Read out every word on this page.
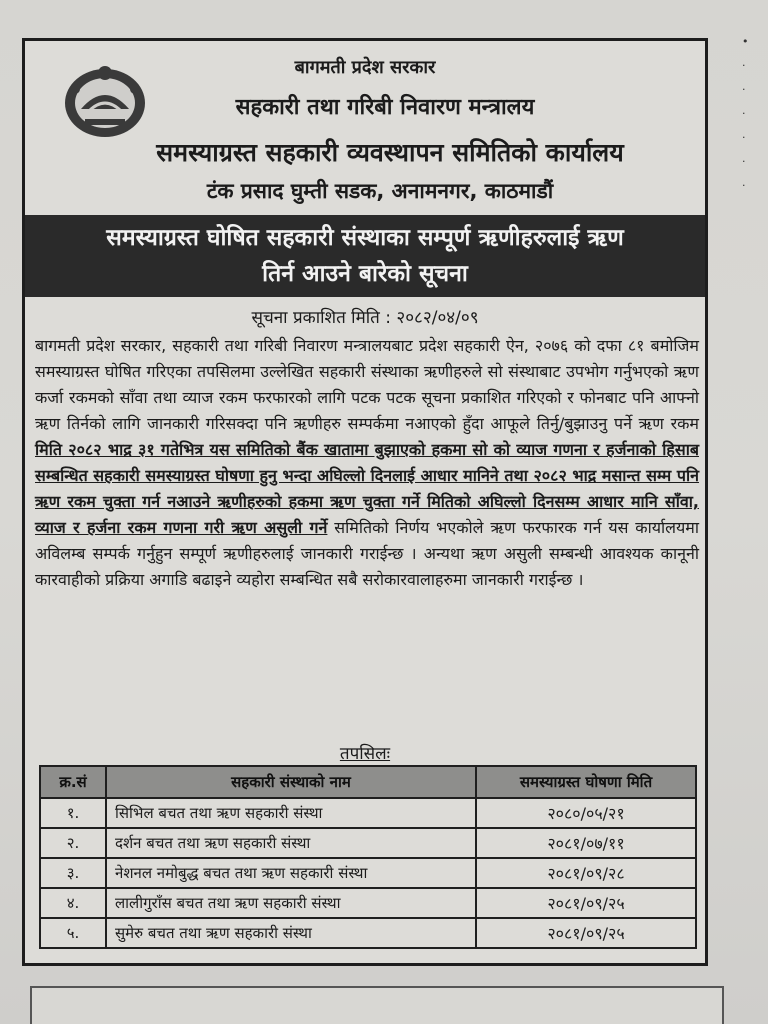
•
·
·
·
·
·
·
बागमती प्रदेश सरकार
सहकारी तथा गरिबी निवारण मन्त्रालय
समस्याग्रस्त सहकारी व्यवस्थापन समितिको कार्यालय
टंक प्रसाद घुम्ती सडक, अनामनगर, काठमाडौं
समस्याग्रस्त घोषित सहकारी संस्थाका सम्पूर्ण ऋणीहरुलाई ऋण
तिर्न आउने बारेको सूचना
सूचना प्रकाशित मिति : २०८२/०४/०९
बागमती प्रदेश सरकार, सहकारी तथा गरिबी निवारण मन्त्रालयबाट प्रदेश सहकारी ऐन, २०७६ को दफा ८१ बमोजिम समस्याग्रस्त घोषित गरिएका तपसिलमा उल्लेखित सहकारी संस्थाका ऋणीहरुले सो संस्थाबाट उपभोग गर्नुभएको ऋण कर्जा रकमको साँवा तथा व्याज रकम फरफारको लागि पटक पटक सूचना प्रकाशित गरिएको र फोनबाट पनि आफ्नो ऋण तिर्नको लागि जानकारी गरिसक्दा पनि ऋणीहरु सम्पर्कमा नआएको हुँदा आफूले तिर्नु/बुझाउनु पर्ने ऋण रकम मिति २०८२ भाद्र ३१ गतेभित्र यस समितिको बैंक खातामा बुझाएको हकमा सो को व्याज गणना र हर्जनाको हिसाब सम्बन्धित सहकारी समस्याग्रस्त घोषणा हुनु भन्दा अघिल्लो दिनलाई आधार मानिने तथा २०८२ भाद्र मसान्त सम्म पनि ऋण रकम चुक्ता गर्न नआउने ऋणीहरुको हकमा ऋण चुक्ता गर्ने मितिको अघिल्लो दिनसम्म आधार मानि साँवा, व्याज र हर्जना रकम गणना गरी ऋण असुली गर्ने समितिको निर्णय भएकोले ऋण फरफारक गर्न यस कार्यालयमा अविलम्ब सम्पर्क गर्नुहुन सम्पूर्ण ऋणीहरुलाई जानकारी गराईन्छ । अन्यथा ऋण असुली सम्बन्धी आवश्यक कानूनी कारवाहीको प्रक्रिया अगाडि बढाइने व्यहोरा सम्बन्धित सबै सरोकारवालाहरुमा जानकारी गराईन्छ ।
तपसिलः
क्र.सं	सहकारी संस्थाको नाम	समस्याग्रस्त घोषणा मिति
१.	सिभिल बचत तथा ऋण सहकारी संस्था	२०८०/०५/२१
२.	दर्शन बचत तथा ऋण सहकारी संस्था	२०८१/०७/११
३.	नेशनल नमोबुद्ध बचत तथा ऋण सहकारी संस्था	२०८१/०९/२८
४.	लालीगुराँस बचत तथा ऋण सहकारी संस्था	२०८१/०९/२५
५.	सुमेरु बचत तथा ऋण सहकारी संस्था	२०८१/०९/२५
